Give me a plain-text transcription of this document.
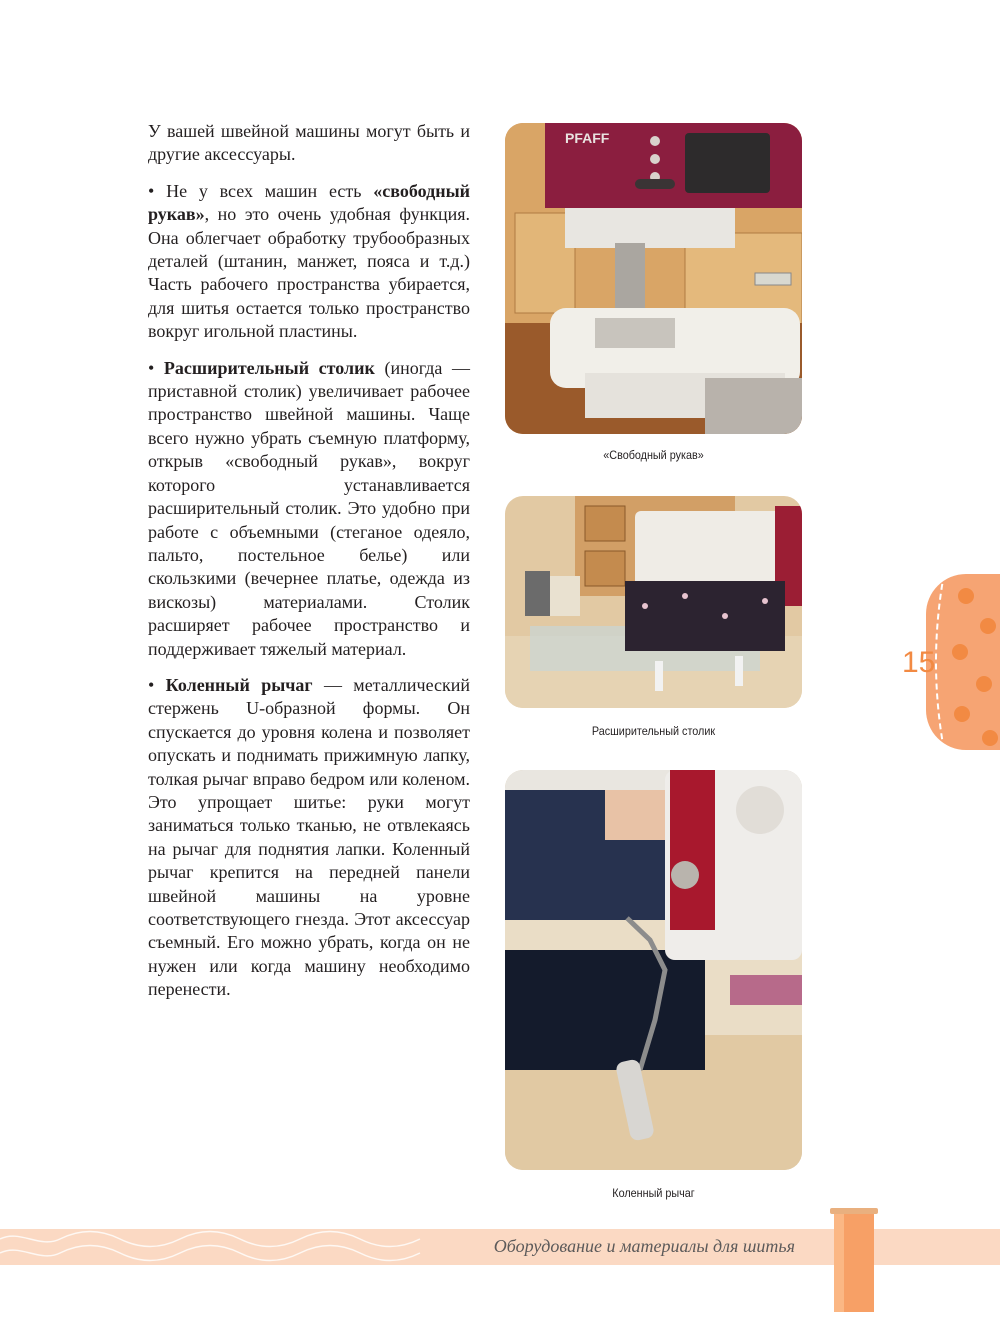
У вашей швейной машины могут быть и другие аксессуары.

• Не у всех машин есть «свободный рукав», но это очень удобная функция. Она облегчает обработку трубообразных деталей (штанин, манжет, пояса и т.д.) Часть рабочего пространства убирается, для шитья остается только пространство вокруг игольной пластины.

• Расширительный столик (иногда — приставной столик) увеличивает рабочее пространство швейной машины. Чаще всего нужно убрать съемную платформу, открыв «свободный рукав», вокруг которого устанавливается расширительный столик. Это удобно при работе с объемными (стеганое одеяло, пальто, постельное белье) или скользкими (вечернее платье, одежда из вискозы) материалами. Столик расширяет рабочее пространство и поддерживает тяжелый материал.

• Коленный рычаг — металлический стержень U-образной формы. Он спускается до уровня колена и позволяет опускать и поднимать прижимную лапку, толкая рычаг вправо бедром или коленом. Это упрощает шитье: руки могут заниматься только тканью, не отвлекаясь на рычаг для поднятия лапки. Коленный рычаг крепится на передней панели швейной машины на уровне соответствующего гнезда. Этот аксессуар съемный. Его можно убрать, когда он не нужен или когда машину необходимо перенести.

PFAFF
«Свободный рукав»
Расширительный столик
Коленный рычаг
15
Оборудование и материалы для шитья
